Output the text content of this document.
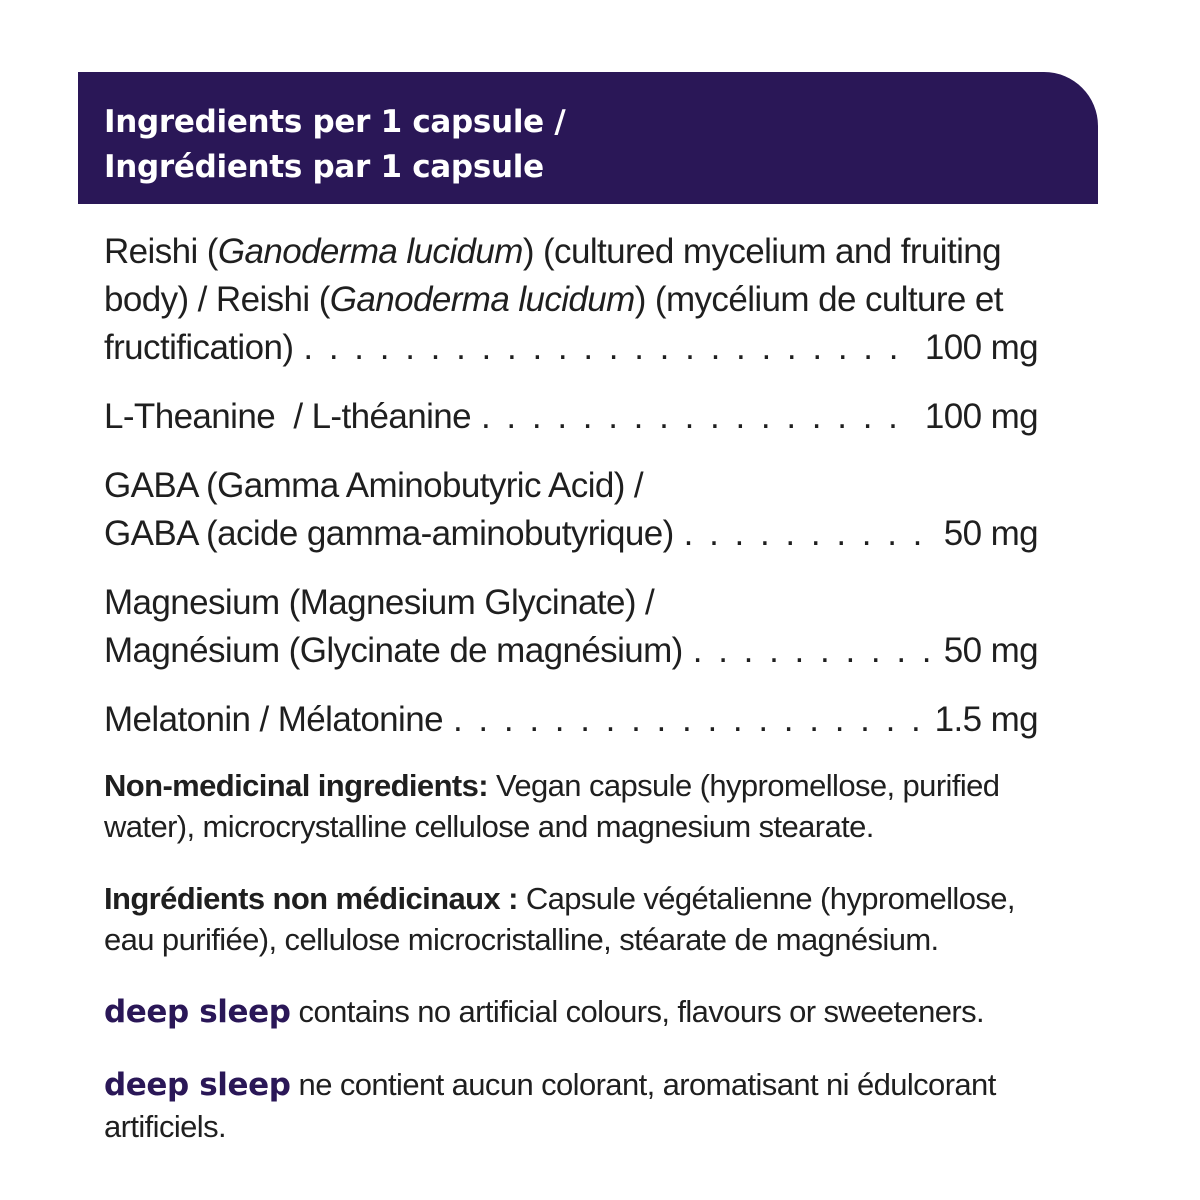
Ingredients per 1 capsule /
Ingrédients par 1 capsule
Reishi (Ganoderma lucidum) (cultured mycelium and fruiting
body) / Reishi (Ganoderma lucidum) (mycélium de culture et
fructification) . . .	100 mg
L-Theanine  / L-théanine . . .	100 mg
GABA (Gamma Aminobutyric Acid) /
GABA (acide gamma-aminobutyrique) . . .	50 mg
Magnesium (Magnesium Glycinate) /
Magnésium (Glycinate de magnésium) . . .	50 mg
Melatonin / Mélatonine . . .	1.5 mg

Non-medicinal ingredients: Vegan capsule (hypromellose, purified water), microcrystalline cellulose and magnesium stearate.

Ingrédients non médicinaux : Capsule végétalienne (hypromellose, eau purifiée), cellulose microcristalline, stéarate de magnésium.

deep sleep contains no artificial colours, flavours or sweeteners.

deep sleep ne contient aucun colorant, aromatisant ni édulcorant artificiels.
